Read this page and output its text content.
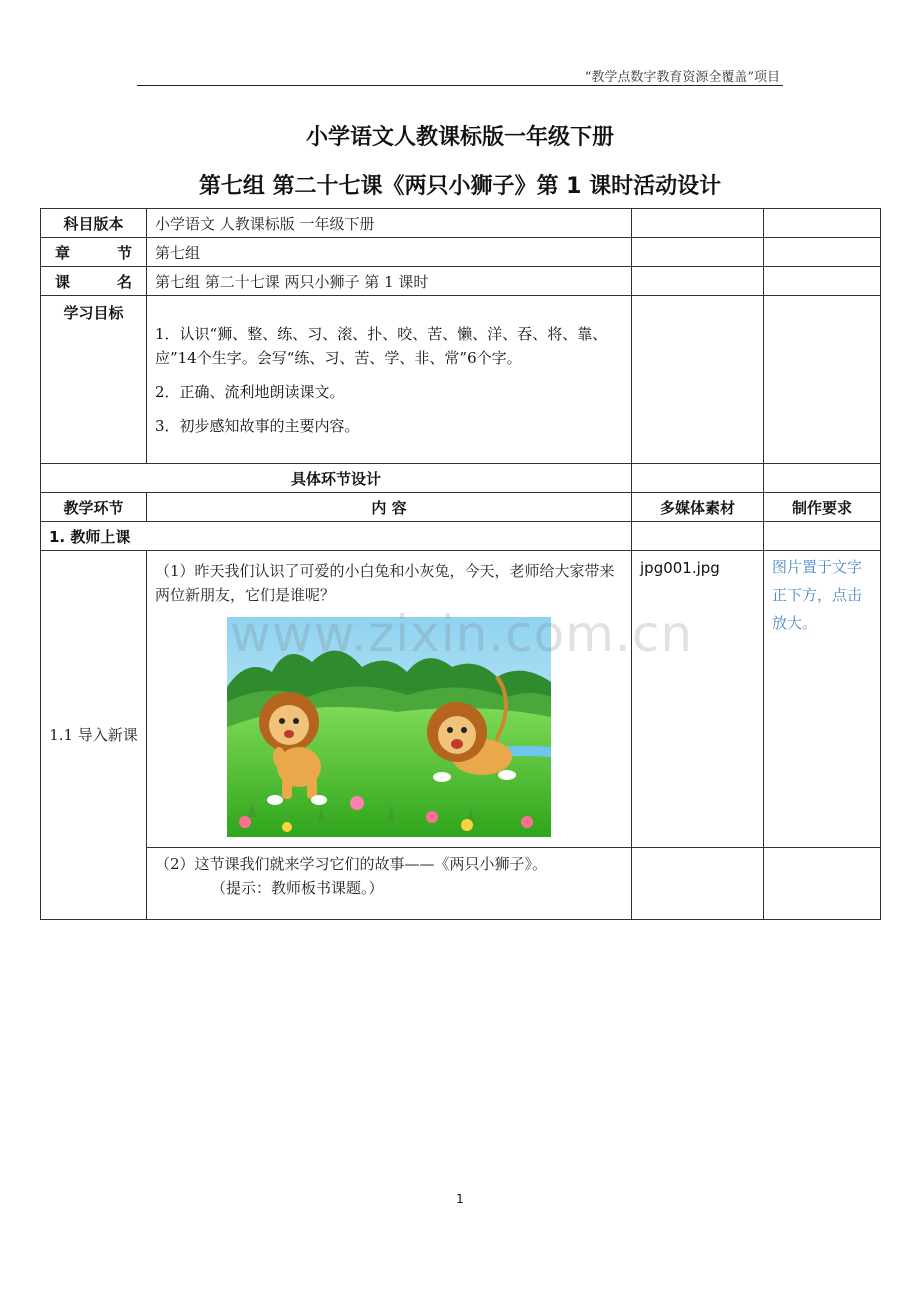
“教学点数字教育资源全覆盖”项目
小学语文人教课标版一年级下册
第七组 第二十七课《两只小狮子》第 1 课时活动设计
科目版本	小学语文 人教课标版 一年级下册		
章 节	第七组		
课 名	第七组 第二十七课 两只小狮子 第 1 课时		
学习目标	1．认识“狮、整、练、习、滚、扑、咬、苦、懒、洋、吞、将、靠、应”14个生字。会写“练、习、苦、学、非、常”6个字。

2．正确、流利地朗读课文。

3．初步感知故事的主要内容。		

具体环节设计			
教学环节	内 容	多媒体素材	制作要求
1. 教师上课			
1.1 导入新课	（1）昨天我们认识了可爱的小白兔和小灰兔，今天，老师给大家带来两位新朋友，它们是谁呢？	jpg001.jpg	图片置于文字正下方，点击放大。

	（2）这节课我们就来学习它们的故事——《两只小狮子》。
（提示：教师板书课题。）		

www.zixin.com.cn
1
